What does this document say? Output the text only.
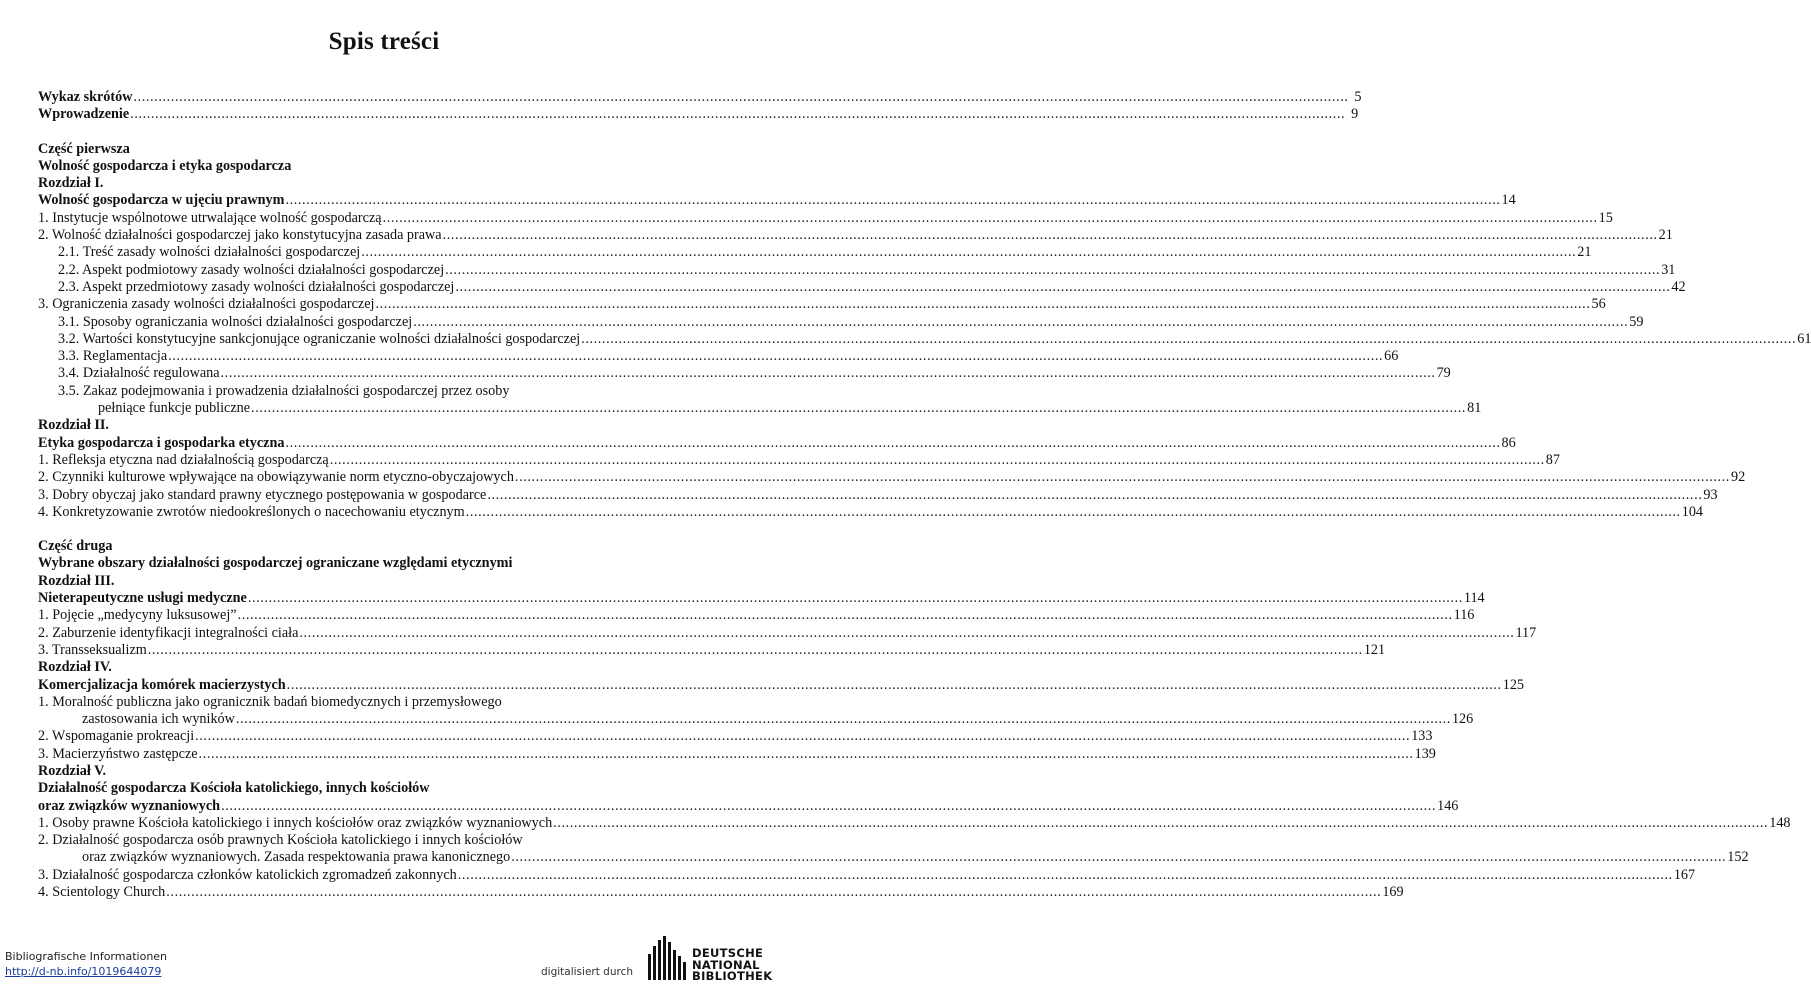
Spis treści
Wykaz skrótów .....	5
Wprowadzenie .....	9
Część pierwsza
Wolność gospodarcza i etyka gospodarcza
Rozdział I.
Wolność gospodarcza w ujęciu prawnym .....	14
1. Instytucje wspólnotowe utrwalające wolność gospodarczą .....	15
2. Wolność działalności gospodarczej jako konstytucyjna zasada prawa .....	21
2.1. Treść zasady wolności działalności gospodarczej .....	21
2.2. Aspekt podmiotowy zasady wolności działalności gospodarczej .....	31
2.3. Aspekt przedmiotowy zasady wolności działalności gospodarczej .....	42
3. Ograniczenia zasady wolności działalności gospodarczej .....	56
3.1. Sposoby ograniczania wolności działalności gospodarczej .....	59
3.2. Wartości konstytucyjne sankcjonujące ograniczanie wolności działalności gospodarczej .....	61
3.3. Reglamentacja .....	66
3.4. Działalność regulowana .....	79
3.5. Zakaz podejmowania i prowadzenia działalności gospodarczej przez osoby
pełniące funkcje publiczne .....	81
Rozdział II.
Etyka gospodarcza i gospodarka etyczna .....	86
1. Refleksja etyczna nad działalnością gospodarczą .....	87
2. Czynniki kulturowe wpływające na obowiązywanie norm etyczno-obyczajowych .....	92
3. Dobry obyczaj jako standard prawny etycznego postępowania w gospodarce .....	93
4. Konkretyzowanie zwrotów niedookreślonych o nacechowaniu etycznym .....	104
Część druga
Wybrane obszary działalności gospodarczej ograniczane względami etycznymi
Rozdział III.
Nieterapeutyczne usługi medyczne .....	114
1. Pojęcie „medycyny luksusowej” .....	116
2. Zaburzenie identyfikacji integralności ciała .....	117
3. Transseksualizm .....	121
Rozdział IV.
Komercjalizacja komórek macierzystych .....	125
1. Moralność publiczna jako ogranicznik badań biomedycznych i przemysłowego
zastosowania ich wyników .....	126
2. Wspomaganie prokreacji .....	133
3. Macierzyństwo zastępcze .....	139
Rozdział V.
Działalność gospodarcza Kościoła katolickiego, innych kościołów
oraz związków wyznaniowych .....	146
1. Osoby prawne Kościoła katolickiego i innych kościołów oraz związków wyznaniowych .....	148
2. Działalność gospodarcza osób prawnych Kościoła katolickiego i innych kościołów
oraz związków wyznaniowych. Zasada respektowania prawa kanonicznego .....	152
3. Działalność gospodarcza członków katolickich zgromadzeń zakonnych .....	167
4. Scientology Church .....	169
Bibliografische Informationen
http://d-nb.info/1019644079	digitalisiert durch
DEUTSCHE
NATIONAL
BIBLIOTHEK
